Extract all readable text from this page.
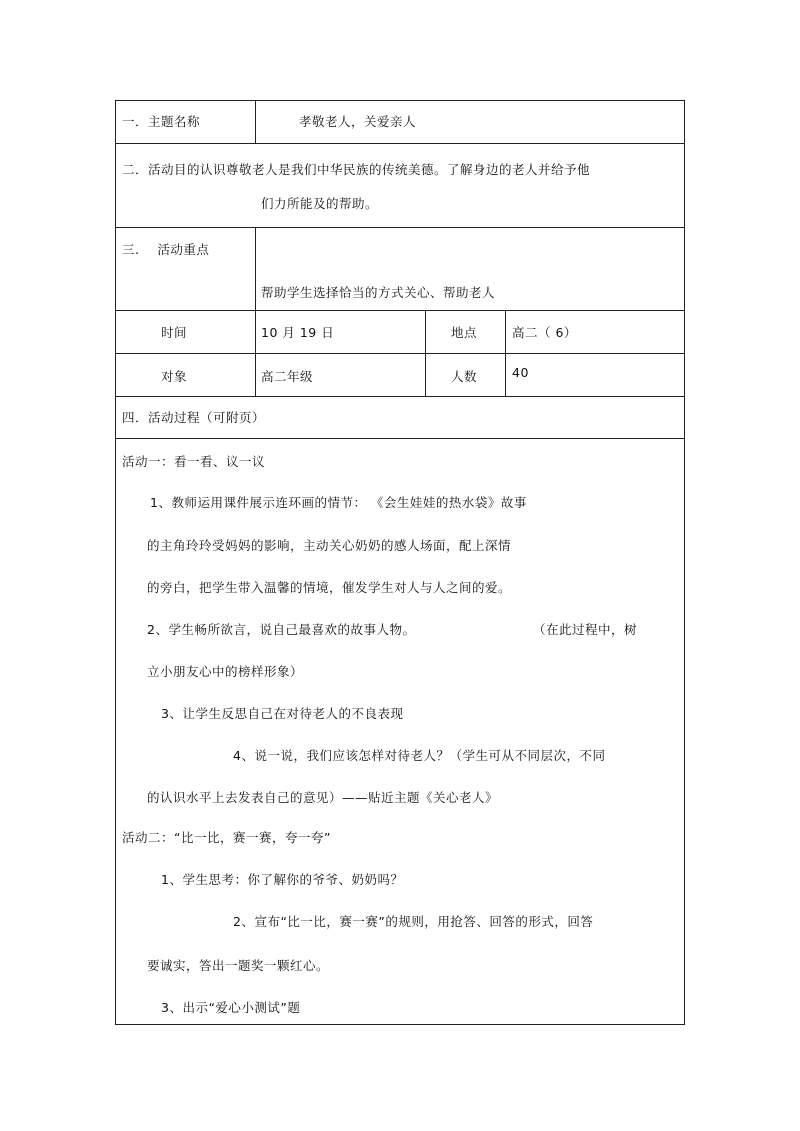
一．主题名称	孝敬老人，关爱亲人
二．活动目的认识尊敬老人是我们中华民族的传统美德。了解身边的老人并给予他
们力所能及的帮助。
三.    活动重点
帮助学生选择恰当的方式关心、帮助老人
时间	10 月 19 日	地点	高二（ 6）
对象	高二年级	人数	40
四．活动过程（可附页）
活动一：看一看、议一议
1、教师运用课件展示连环画的情节： 《会生娃娃的热水袋》故事
的主角玲玲受妈妈的影响，主动关心奶奶的感人场面，配上深情
的旁白，把学生带入温馨的情境，催发学生对人与人之间的爱。
2、学生畅所欲言，说自己最喜欢的故事人物。	（在此过程中，树
立小朋友心中的榜样形象）
3、让学生反思自己在对待老人的不良表现
4、说一说，我们应该怎样对待老人？（学生可从不同层次，不同
的认识水平上去发表自己的意见）——贴近主题《关心老人》
活动二：“比一比，赛一赛，夸一夸”
1、学生思考：你了解你的爷爷、奶奶吗？
2、宣布“比一比，赛一赛”的规则，用抢答、回答的形式，回答
要诚实，答出一题奖一颗红心。
3、出示“爱心小测试”题
